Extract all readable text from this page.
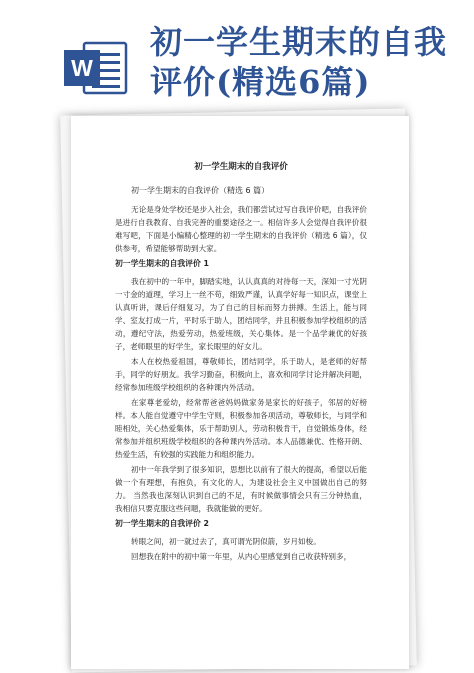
W
初一学生期末的自我评价(精选6篇)
初一学生期末的自我评价
初一学生期末的自我评价（精选 6 篇）

无论是身处学校还是步入社会，我们都尝试过写自我评价吧，自我评价是进行自我教育、自我完善的重要途径之一。相信许多人会觉得自我评价很难写吧，下面是小编精心整理的初一学生期末的自我评价（精选 6 篇），仅供参考，希望能够帮助到大家。

初一学生期末的自我评价 1

我在初中的一年中，脚踏实地，认认真真的对待每一天，深知一寸光阴一寸金的道理，学习上一丝不苟，细致严谨，认真学好每一知识点，课堂上认真听讲，课后仔细复习，为了自己的目标而努力拼搏。生活上，能与同学、室友打成一片，平时乐于助人，团结同学，并且积极参加学校组织的活动，遵纪守法，热爱劳动，热爱班级，关心集体。是一个品学兼优的好孩子，老师眼里的好学生，家长眼里的好女儿。

本人在校热爱祖国，尊敬师长，团结同学，乐于助人，是老师的好帮手，同学的好朋友。我学习勤奋，积极向上，喜欢和同学讨论并解决问题，经常参加班级学校组织的各种课内外活动。

在家尊老爱幼，经常帮爸爸妈妈做家务是家长的好孩子，邻居的好榜样。本人能自觉遵守中学生守则，积极参加各项活动，尊敬师长，与同学和睦相处，关心热爱集体，乐于帮助别人，劳动积极肯干，自觉锻炼身体，经常参加并组织班级学校组织的各种课内外活动。本人品德兼优、性格开朗、热爱生活，有较强的实践能力和组织能力。

初中一年我学到了很多知识，思想比以前有了很大的提高，希望以后能做一个有理想，有抱负，有文化的人，为建设社会主义中国做出自己的努力。 当然我也深刻认识到自己的不足，有时候做事情会只有三分钟热血，我相信只要克服这些问题，我就能做的更好。

初一学生期末的自我评价 2

转眼之间，初一就过去了，真可谓光阴似箭，岁月如梭。

回想我在附中的初中第一年里，从内心里感觉到自己收获特别多，
